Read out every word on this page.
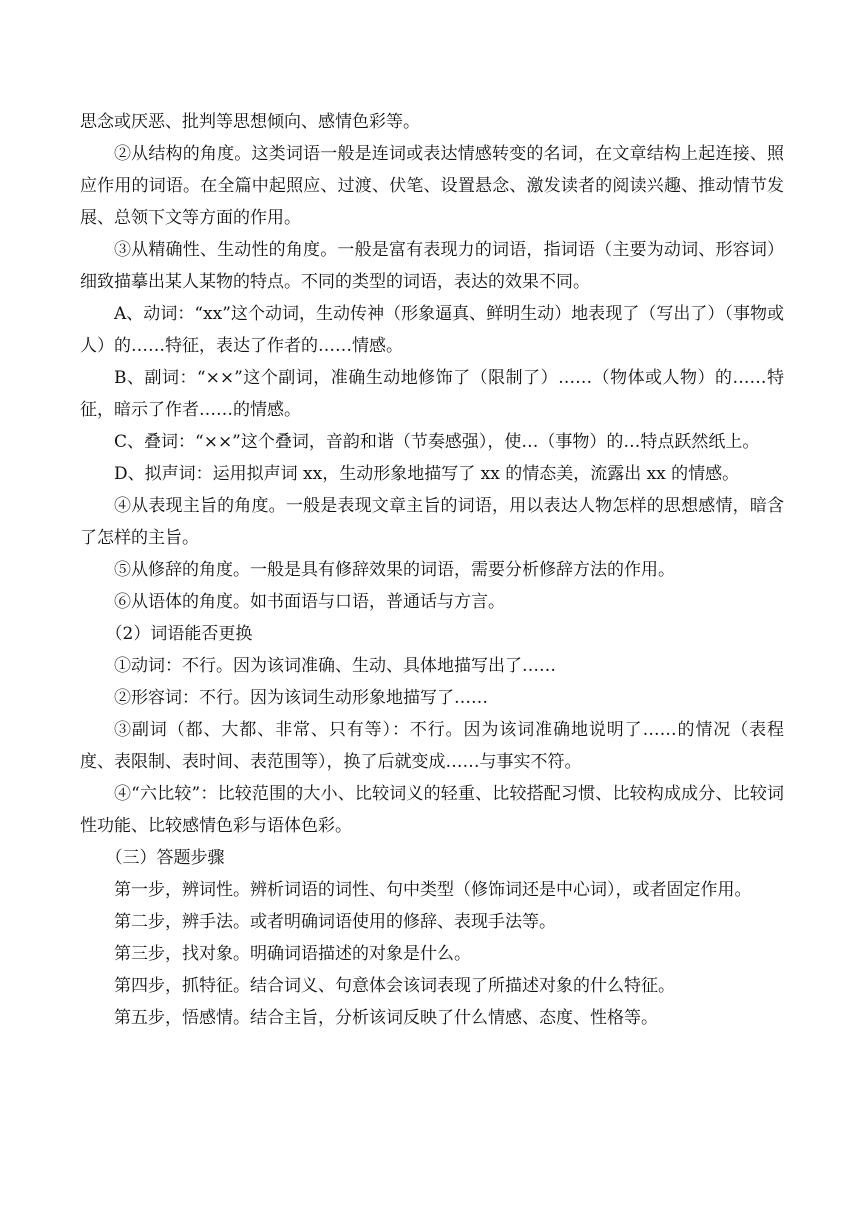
思念或厌恶、批判等思想倾向、感情色彩等。

②从结构的角度。这类词语一般是连词或表达情感转变的名词，在文章结构上起连接、照应作用的词语。在全篇中起照应、过渡、伏笔、设置悬念、激发读者的阅读兴趣、推动情节发展、总领下文等方面的作用。

③从精确性、生动性的角度。一般是富有表现力的词语，指词语（主要为动词、形容词）细致描摹出某人某物的特点。不同的类型的词语，表达的效果不同。

A、动词：“xx”这个动词，生动传神（形象逼真、鲜明生动）地表现了（写出了）（事物或人）的……特征，表达了作者的……情感。

B、副词：“××”这个副词，准确生动地修饰了（限制了）……（物体或人物）的……特征，暗示了作者……的情感。

C、叠词：“××”这个叠词，音韵和谐（节奏感强），使…（事物）的…特点跃然纸上。

D、拟声词：运用拟声词 xx，生动形象地描写了 xx 的情态美，流露出 xx 的情感。

④从表现主旨的角度。一般是表现文章主旨的词语，用以表达人物怎样的思想感情，暗含了怎样的主旨。

⑤从修辞的角度。一般是具有修辞效果的词语，需要分析修辞方法的作用。

⑥从语体的角度。如书面语与口语，普通话与方言。

（2）词语能否更换

①动词：不行。因为该词准确、生动、具体地描写出了……

②形容词：不行。因为该词生动形象地描写了……

③副词（都、大都、非常、只有等）：不行。因为该词准确地说明了……的情况（表程度、表限制、表时间、表范围等），换了后就变成……与事实不符。

④“六比较”：比较范围的大小、比较词义的轻重、比较搭配习惯、比较构成成分、比较词性功能、比较感情色彩与语体色彩。

（三）答题步骤

第一步，辨词性。辨析词语的词性、句中类型（修饰词还是中心词），或者固定作用。

第二步，辨手法。或者明确词语使用的修辞、表现手法等。

第三步，找对象。明确词语描述的对象是什么。

第四步，抓特征。结合词义、句意体会该词表现了所描述对象的什么特征。

第五步，悟感情。结合主旨，分析该词反映了什么情感、态度、性格等。
